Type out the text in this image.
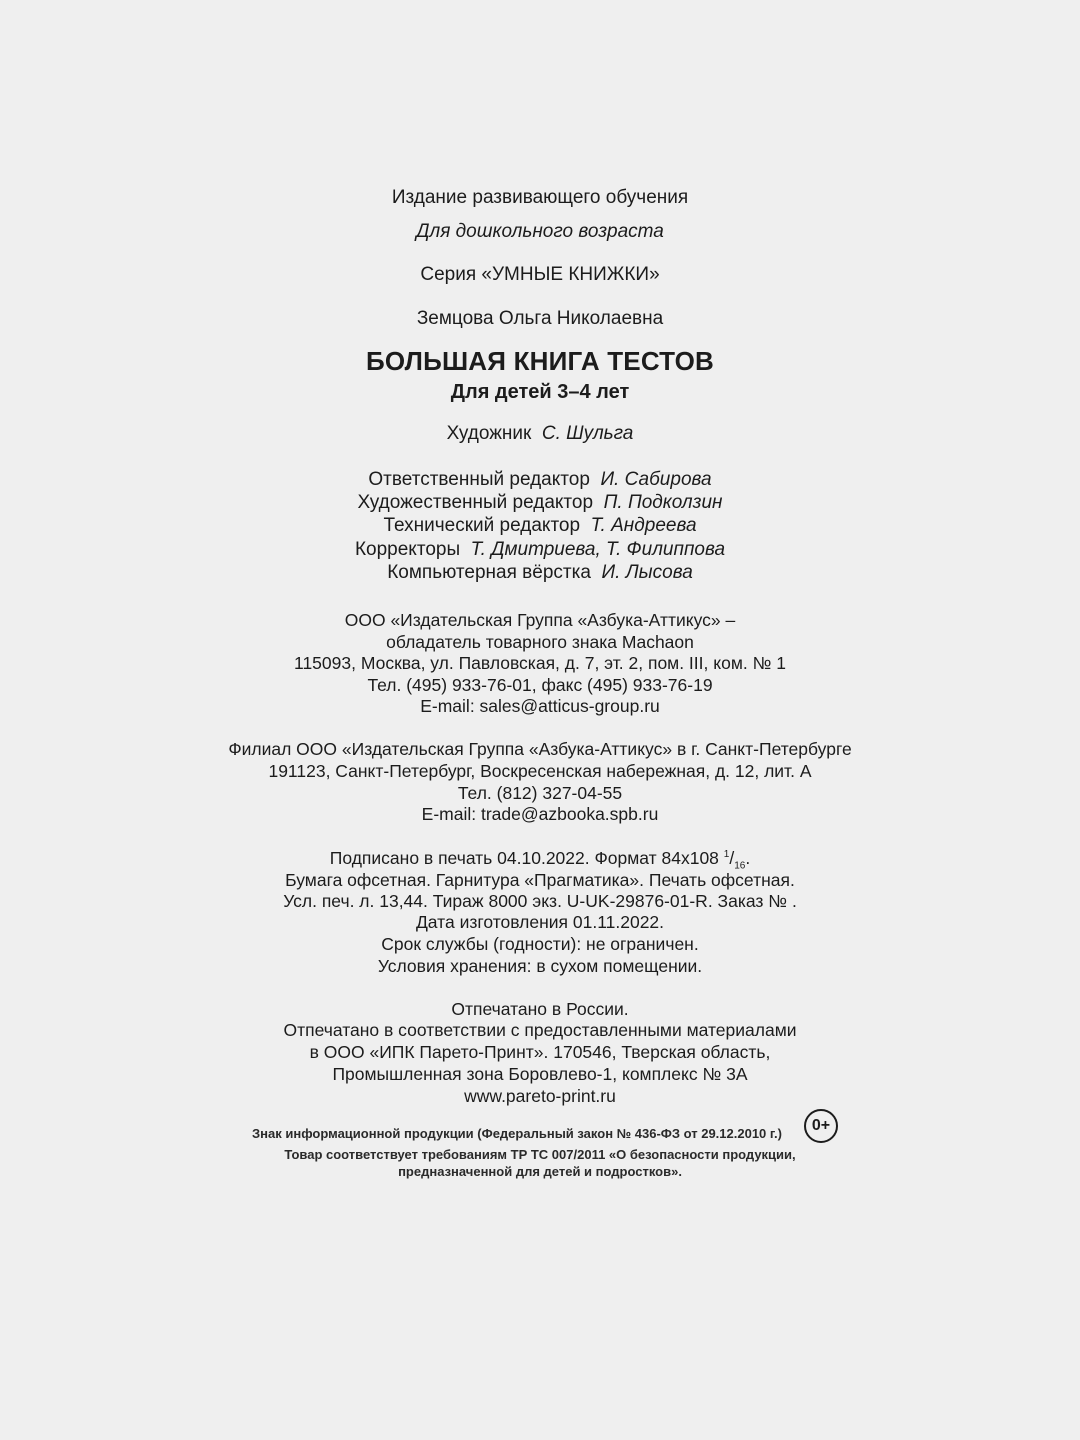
Издание развивающего обучения
Для дошкольного возраста
Серия «УМНЫЕ КНИЖКИ»
Земцова Ольга Николаевна
БОЛЬШАЯ КНИГА ТЕСТОВ
Для детей 3–4 лет
Художник С. Шульга
Ответственный редактор И. Сабирова
Художественный редактор П. Подколзин
Технический редактор Т. Андреева
Корректоры Т. Дмитриева, Т. Филиппова
Компьютерная вёрстка И. Лысова
ООО «Издательская Группа «Азбука-Аттикус» –
обладатель товарного знака Machaon
115093, Москва, ул. Павловская, д. 7, эт. 2, пом. III, ком. № 1
Тел. (495) 933-76-01, факс (495) 933-76-19
E-mail: sales@atticus-group.ru
Филиал ООО «Издательская Группа «Азбука-Аттикус» в г. Санкт-Петербурге
191123, Санкт-Петербург, Воскресенская набережная, д. 12, лит. А
Тел. (812) 327-04-55
E-mail: trade@azbooka.spb.ru
Подписано в печать 04.10.2022. Формат 84x108 $^1/_{16}$.
Бумага офсетная. Гарнитура «Прагматика». Печать офсетная.
Усл. печ. л. 13,44. Тираж 8000 экз. U-UK-29876-01-R. Заказ № .
Дата изготовления 01.11.2022.
Срок службы (годности): не ограничен.
Условия хранения: в сухом помещении.
Отпечатано в России.
Отпечатано в соответствии с предоставленными материалами
в ООО «ИПК Парето-Принт». 170546, Тверская область,
Промышленная зона Боровлево-1, комплекс № 3А
www.pareto-print.ru
Знак информационной продукции (Федеральный закон № 436-ФЗ от 29.12.2010 г.)	0+
Товар соответствует требованиям ТР ТС 007/2011 «О безопасности продукции,
предназначенной для детей и подростков».
